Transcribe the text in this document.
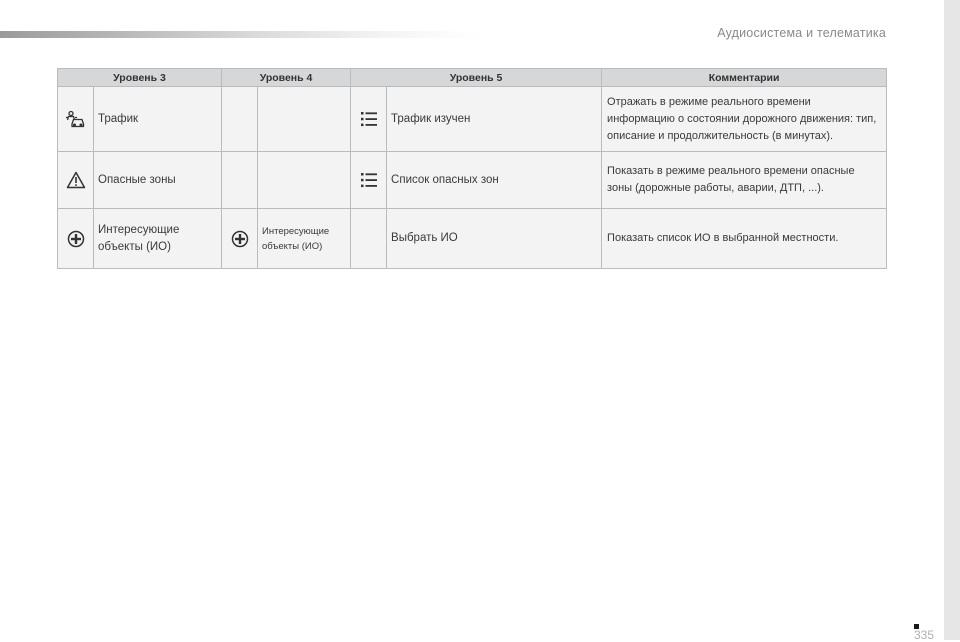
Аудиосистема и телематика
Уровень 3		Уровень 4		Уровень 5		Комментарии

	Трафик				Трафик изучен	Отражать в режиме реального времени информацию о состоянии дорожного движения: тип, описание и продолжительность (в минутах).

	Опасные зоны				Список опасных зон	Показать в режиме реального времени опасные зоны (дорожные работы, аварии, ДТП, ...).

	Интересующие объекты (ИО)		Интересующие объекты (ИО)		Выбрать ИО	Показать список ИО в выбранной местности.
335
